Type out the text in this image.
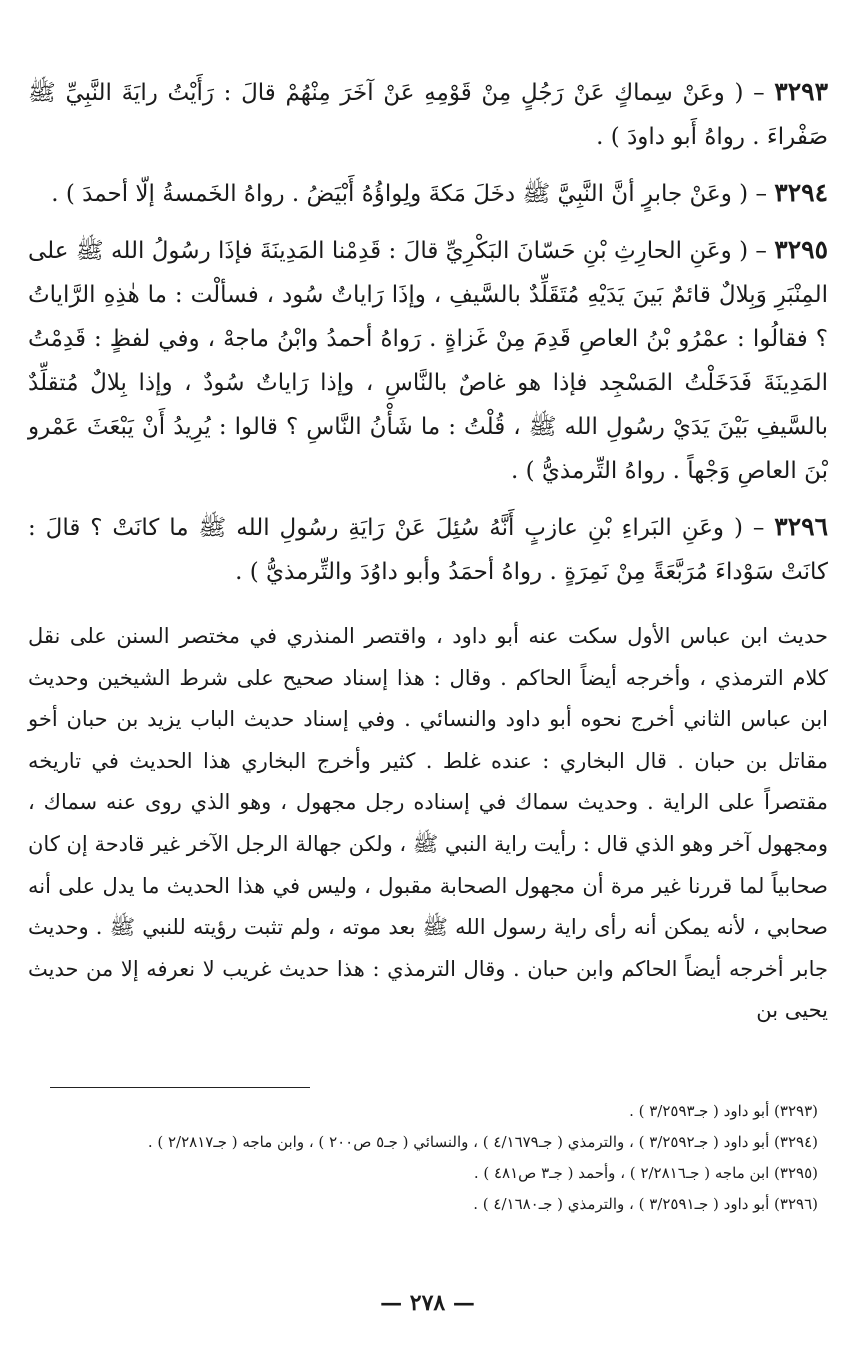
٣٢٩٣ – ( وعَنْ سِماكٍ عَنْ رَجُلٍ مِنْ قَوْمِهِ عَنْ آخَرَ مِنْهُمْ قالَ : رَأَيْتُ رايَةَ النَّبِيِّ ﷺ صَفْراءَ . رواهُ أَبو داودَ ) .

٣٢٩٤ – ( وعَنْ جابرٍ أنَّ النَّبِيَّ ﷺ دخَلَ مَكةَ ولِواؤُهُ أَبْيَضُ . رواهُ الخَمسةُ إلّا أحمدَ ) .

٣٢٩٥ – ( وعَنِ الحارِثِ بْنِ حَسّانَ البَكْرِيِّ قالَ : قَدِمْنا المَدِينَةَ فإذَا رسُولُ الله ﷺ على المِنْبَرِ وَبِلالٌ قائمٌ بَينَ يَدَيْهِ مُتَقَلِّدٌ بالسَّيفِ ، وإذَا رَاياتٌ سُود ، فسألْت : ما هٰذِهِ الرَّاياتُ ؟ فقالُوا : عمْرُو بْنُ العاصِ قَدِمَ مِنْ غَزاةٍ . رَواهُ أحمدُ وابْنُ ماجهْ ، وفي لفظٍ : قَدِمْتُ المَدِينَةَ فَدَخَلْتُ المَسْجِد فإذا هو غاصٌ بالنَّاسِ ، وإذا رَاياتٌ سُودٌ ، وإذا بِلالٌ مُتقلِّدٌ بالسَّيفِ بَيْنَ يَدَيْ رسُولِ الله ﷺ ، قُلْتُ : ما شَأْنُ النَّاسِ ؟ قالوا : يُرِيدُ أَنْ يَبْعَثَ عَمْرو بْنَ العاصِ وَجْهاً . رواهُ التِّرمذيُّ ) .

٣٢٩٦ – ( وعَنِ البَراءِ بْنِ عازبٍ أَنَّهُ سُئِلَ عَنْ رَايَةِ رسُولِ الله ﷺ ما كانَتْ ؟ قالَ : كانَتْ سَوْداءَ مُرَبَّعَةً مِنْ نَمِرَةٍ . رواهُ أحمَدُ وأبو داوُدَ والتِّرمذيُّ ) .

حديث ابن عباس الأول سكت عنه أبو داود ، واقتصر المنذري في مختصر السنن على نقل كلام الترمذي ، وأخرجه أيضاً الحاكم . وقال : هذا إسناد صحيح على شرط الشيخين وحديث ابن عباس الثاني أخرج نحوه أبو داود والنسائي . وفي إسناد حديث الباب يزيد بن حبان أخو مقاتل بن حبان . قال البخاري : عنده غلط . كثير وأخرج البخاري هذا الحديث في تاريخه مقتصراً على الراية . وحديث سماك في إسناده رجل مجهول ، وهو الذي روى عنه سماك ، ومجهول آخر وهو الذي قال : رأيت راية النبي ﷺ ، ولكن جهالة الرجل الآخر غير قادحة إن كان صحابياً لما قررنا غير مرة أن مجهول الصحابة مقبول ، وليس في هذا الحديث ما يدل على أنه صحابي ، لأنه يمكن أنه رأى راية رسول الله ﷺ بعد موته ، ولم تثبت رؤيته للنبي ﷺ . وحديث جابر أخرجه أيضاً الحاكم وابن حبان . وقال الترمذي : هذا حديث غريب لا نعرفه إلا من حديث يحيى بن

(٣٢٩٣) أبو داود ( جـ٣/٢٥٩٣ ) .

(٣٢٩٤) أبو داود ( جـ٣/٢٥٩٢ ) ، والترمذي ( جـ٤/١٦٧٩ ) ، والنسائي ( جـ٥ ص٢٠٠ ) ، وابن ماجه ( جـ٢/٢٨١٧ ) .

(٣٢٩٥) ابن ماجه ( جـ٢/٢٨١٦ ) ، وأحمد ( جـ٣ ص٤٨١ ) .

(٣٢٩٦) أبو داود ( جـ٣/٢٥٩١ ) ، والترمذي ( جـ٤/١٦٨٠ ) .

— ٢٧٨ —
